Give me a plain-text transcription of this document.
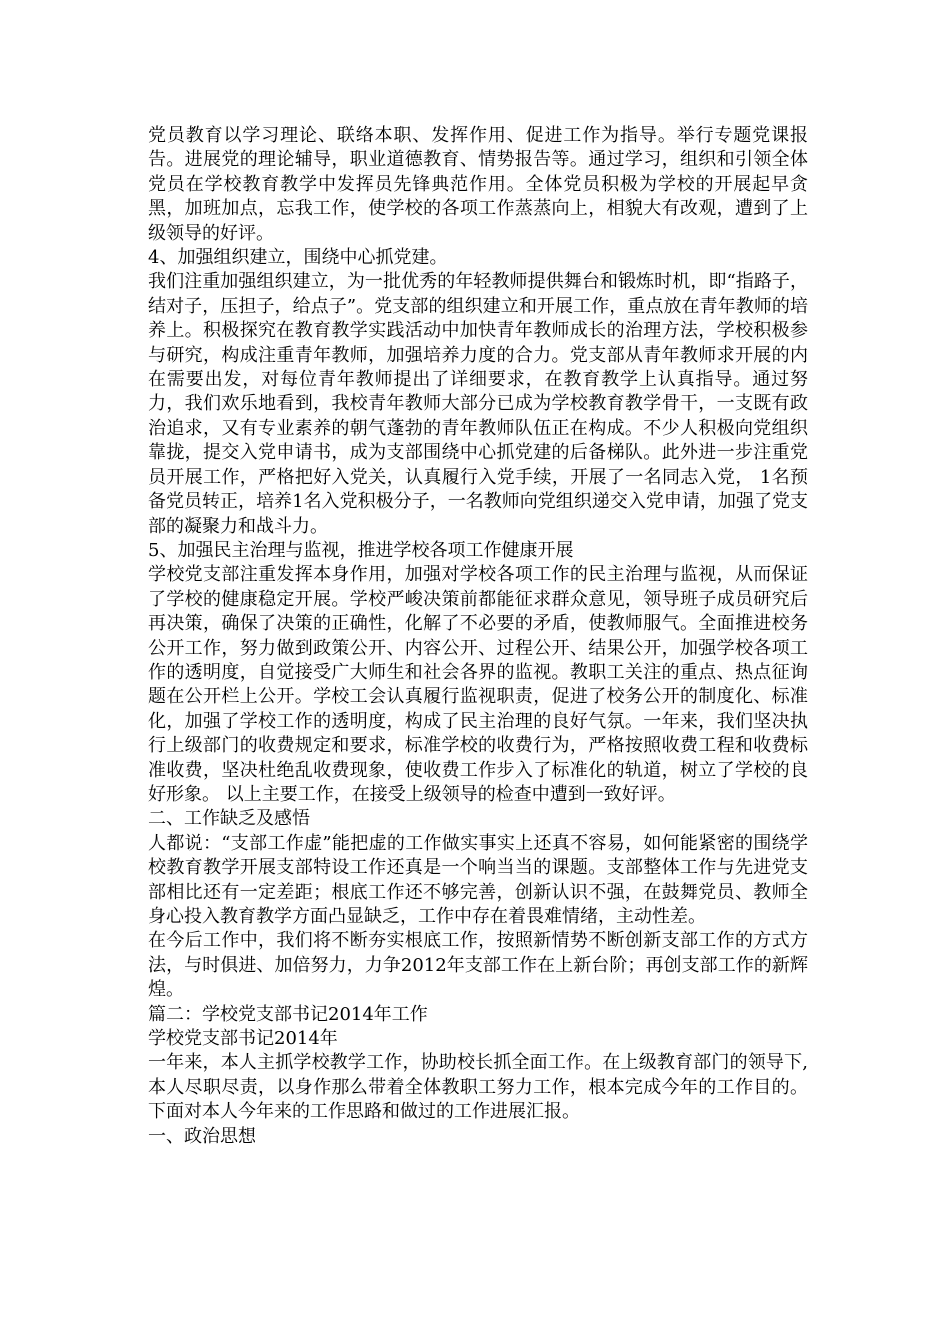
党员教育以学习理论、联络本职、发挥作用、促进工作为指导。举行专题党课报告。进展党的理论辅导，职业道德教育、情势报告等。通过学习，组织和引领全体党员在学校教育教学中发挥员先锋典范作用。全体党员积极为学校的开展起早贪黑，加班加点，忘我工作，使学校的各项工作蒸蒸向上，相貌大有改观，遭到了上级领导的好评。

4、加强组织建立，围绕中心抓党建。

我们注重加强组织建立，为一批优秀的年轻教师提供舞台和锻炼时机，即“指路子，结对子，压担子，给点子”。党支部的组织建立和开展工作，重点放在青年教师的培养上。积极探究在教育教学实践活动中加快青年教师成长的治理方法，学校积极参与研究，构成注重青年教师，加强培养力度的合力。党支部从青年教师求开展的内在需要出发，对每位青年教师提出了详细要求，在教育教学上认真指导。通过努力，我们欢乐地看到，我校青年教师大部分已成为学校教育教学骨干，一支既有政治追求，又有专业素养的朝气蓬勃的青年教师队伍正在构成。不少人积极向党组织靠拢，提交入党申请书，成为支部围绕中心抓党建的后备梯队。此外进一步注重党员开展工作，严格把好入党关，认真履行入党手续，开展了一名同志入党， 1名预备党员转正，培养1名入党积极分子，一名教师向党组织递交入党申请，加强了党支部的凝聚力和战斗力。

5、加强民主治理与监视，推进学校各项工作健康开展

学校党支部注重发挥本身作用，加强对学校各项工作的民主治理与监视，从而保证了学校的健康稳定开展。学校严峻决策前都能征求群众意见，领导班子成员研究后再决策，确保了决策的正确性，化解了不必要的矛盾，使教师服气。全面推进校务公开工作，努力做到政策公开、内容公开、过程公开、结果公开，加强学校各项工作的透明度，自觉接受广大师生和社会各界的监视。教职工关注的重点、热点征询题在公开栏上公开。学校工会认真履行监视职责，促进了校务公开的制度化、标准化，加强了学校工作的透明度，构成了民主治理的良好气氛。一年来，我们坚决执行上级部门的收费规定和要求，标准学校的收费行为，严格按照收费工程和收费标准收费，坚决杜绝乱收费现象，使收费工作步入了标准化的轨道，树立了学校的良好形象。 以上主要工作，在接受上级领导的检查中遭到一致好评。

二、工作缺乏及感悟

人都说：“支部工作虚”能把虚的工作做实事实上还真不容易，如何能紧密的围绕学校教育教学开展支部特设工作还真是一个响当当的课题。支部整体工作与先进党支部相比还有一定差距；根底工作还不够完善，创新认识不强，在鼓舞党员、教师全身心投入教育教学方面凸显缺乏，工作中存在着畏难情绪，主动性差。

在今后工作中，我们将不断夯实根底工作，按照新情势不断创新支部工作的方式方法，与时俱进、加倍努力，力争2012年支部工作在上新台阶；再创支部工作的新辉煌。

篇二：学校党支部书记2014年工作

学校党支部书记2014年

一年来，本人主抓学校教学工作，协助校长抓全面工作。在上级教育部门的领导下,本人尽职尽责，以身作那么带着全体教职工努力工作，根本完成今年的工作目的。下面对本人今年来的工作思路和做过的工作进展汇报。

一、政治思想
